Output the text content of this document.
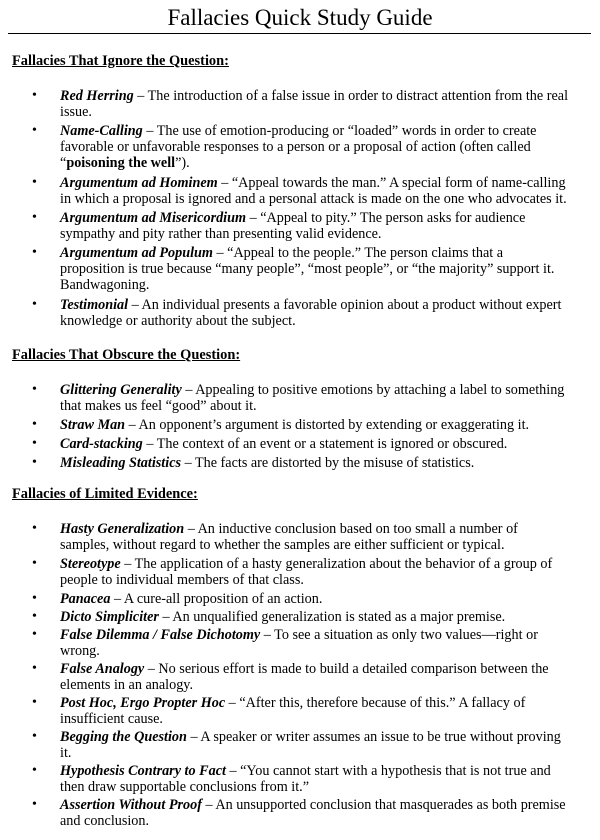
Fallacies Quick Study Guide
Fallacies That Ignore the Question:
• Red Herring – The introduction of a false issue in order to distract attention from the real
issue.
• Name-Calling – The use of emotion-producing or “loaded” words in order to create
favorable or unfavorable responses to a person or a proposal of action (often called
“poisoning the well”).
• Argumentum ad Hominem – “Appeal towards the man.” A special form of name-calling
in which a proposal is ignored and a personal attack is made on the one who advocates it.
• Argumentum ad Misericordium – “Appeal to pity.” The person asks for audience
sympathy and pity rather than presenting valid evidence.
• Argumentum ad Populum – “Appeal to the people.” The person claims that a
proposition is true because “many people”, “most people”, or “the majority” support it.
Bandwagoning.
• Testimonial – An individual presents a favorable opinion about a product without expert
knowledge or authority about the subject.
Fallacies That Obscure the Question:
• Glittering Generality – Appealing to positive emotions by attaching a label to something
that makes us feel “good” about it.
• Straw Man – An opponent’s argument is distorted by extending or exaggerating it.
• Card-stacking – The context of an event or a statement is ignored or obscured.
• Misleading Statistics – The facts are distorted by the misuse of statistics.
Fallacies of Limited Evidence:
• Hasty Generalization – An inductive conclusion based on too small a number of
samples, without regard to whether the samples are either sufficient or typical.
• Stereotype – The application of a hasty generalization about the behavior of a group of
people to individual members of that class.
• Panacea – A cure-all proposition of an action.
• Dicto Simpliciter – An unqualified generalization is stated as a major premise.
• False Dilemma / False Dichotomy – To see a situation as only two values—right or
wrong.
• False Analogy – No serious effort is made to build a detailed comparison between the
elements in an analogy.
• Post Hoc, Ergo Propter Hoc – “After this, therefore because of this.” A fallacy of
insufficient cause.
• Begging the Question – A speaker or writer assumes an issue to be true without proving
it.
• Hypothesis Contrary to Fact – “You cannot start with a hypothesis that is not true and
then draw supportable conclusions from it.”
• Assertion Without Proof – An unsupported conclusion that masquerades as both premise
and conclusion.
